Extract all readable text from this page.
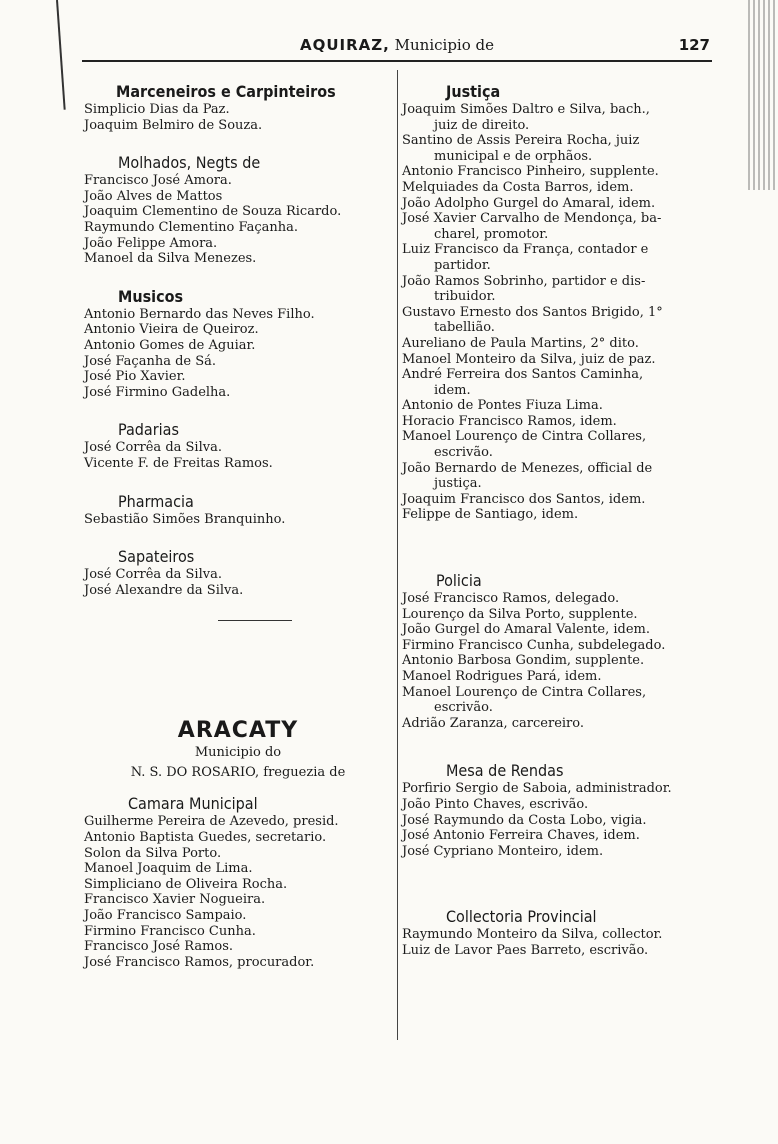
AQUIRAZ, Municipio de	127
Marceneiros e Carpinteiros
Simplicio Dias da Paz.
Joaquim Belmiro de Souza.
Molhados, Negts de
Francisco José Amora.
João Alves de Mattos
Joaquim Clementino de Souza Ricardo.
Raymundo Clementino Façanha.
João Felippe Amora.
Manoel da Silva Menezes.
Musicos
Antonio Bernardo das Neves Filho.
Antonio Vieira de Queiroz.
Antonio Gomes de Aguiar.
José Façanha de Sá.
José Pio Xavier.
José Firmino Gadelha.
Padarias
José Corrêa da Silva.
Vicente F. de Freitas Ramos.
Pharmacia
Sebastião Simões Branquinho.
Sapateiros
José Corrêa da Silva.
José Alexandre da Silva.
ARACATY
Municipio do
N. S. DO ROSARIO, freguezia de
Camara Municipal
Guilherme Pereira de Azevedo, presid.
Antonio Baptista Guedes, secretario.
Solon da Silva Porto.
Manoel Joaquim de Lima.
Simpliciano de Oliveira Rocha.
Francisco Xavier Nogueira.
João Francisco Sampaio.
Firmino Francisco Cunha.
Francisco José Ramos.
José Francisco Ramos, procurador.
Justiça
Joaquim Simões Daltro e Silva, bach.,
juiz de direito.
Santino de Assis Pereira Rocha, juiz
municipal e de orphãos.
Antonio Francisco Pinheiro, supplente.
Melquiades da Costa Barros, idem.
João Adolpho Gurgel do Amaral, idem.
José Xavier Carvalho de Mendonça, ba-
charel, promotor.
Luiz Francisco da França, contador e
partidor.
João Ramos Sobrinho, partidor e dis-
tribuidor.
Gustavo Ernesto dos Santos Brigido, 1°
tabellião.
Aureliano de Paula Martins, 2° dito.
Manoel Monteiro da Silva, juiz de paz.
André Ferreira dos Santos Caminha,
idem.
Antonio de Pontes Fiuza Lima.
Horacio Francisco Ramos, idem.
Manoel Lourenço de Cintra Collares,
escrivão.
João Bernardo de Menezes, official de
justiça.
Joaquim Francisco dos Santos, idem.
Felippe de Santiago, idem.
Policia
José Francisco Ramos, delegado.
Lourenço da Silva Porto, supplente.
João Gurgel do Amaral Valente, idem.
Firmino Francisco Cunha, subdelegado.
Antonio Barbosa Gondim, supplente.
Manoel Rodrigues Pará, idem.
Manoel Lourenço de Cintra Collares,
escrivão.
Adrião Zaranza, carcereiro.
Mesa de Rendas
Porfirio Sergio de Saboia, administrador.
João Pinto Chaves, escrivão.
José Raymundo da Costa Lobo, vigia.
José Antonio Ferreira Chaves, idem.
José Cypriano Monteiro, idem.
Collectoria Provincial
Raymundo Monteiro da Silva, collector.
Luiz de Lavor Paes Barreto, escrivão.
